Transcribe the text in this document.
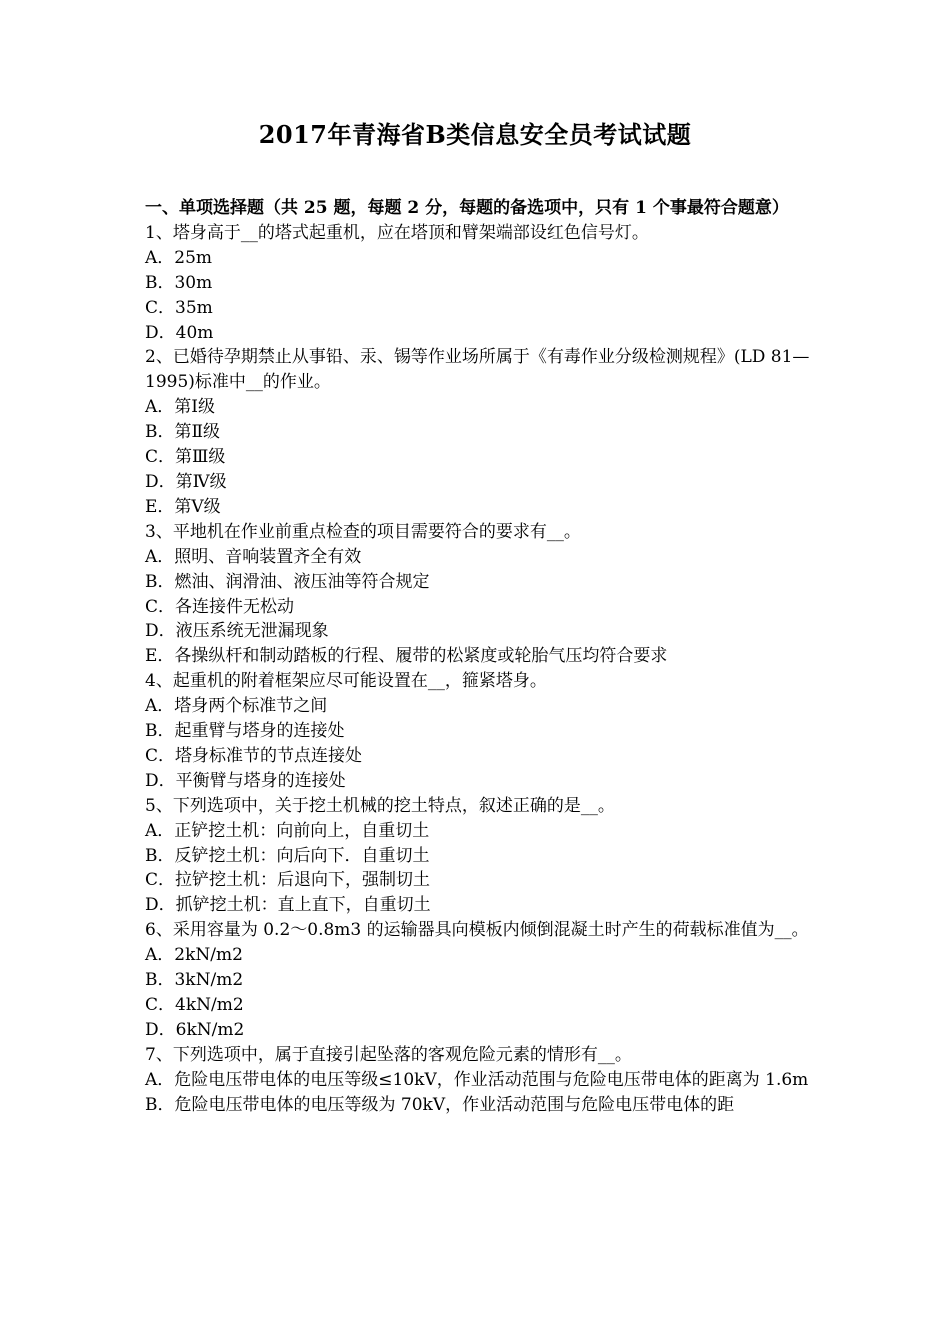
2017年青海省B类信息安全员考试试题
一、单项选择题（共 25 题，每题 2 分，每题的备选项中，只有 1 个事最符合题意）
1、塔身高于__的塔式起重机，应在塔顶和臂架端部设红色信号灯。
A．25m
B．30m
C．35m
D．40m
2、已婚待孕期禁止从事铅、汞、锡等作业场所属于《有毒作业分级检测规程》(LD 81—1995)标准中__的作业。
A．第Ⅰ级
B．第Ⅱ级
C．第Ⅲ级
D．第Ⅳ级
E．第Ⅴ级
3、平地机在作业前重点检查的项目需要符合的要求有__。
A．照明、音响装置齐全有效
B．燃油、润滑油、液压油等符合规定
C．各连接件无松动
D．液压系统无泄漏现象
E．各操纵杆和制动踏板的行程、履带的松紧度或轮胎气压均符合要求
4、起重机的附着框架应尽可能设置在__，箍紧塔身。
A．塔身两个标准节之间
B．起重臂与塔身的连接处
C．塔身标准节的节点连接处
D．平衡臂与塔身的连接处
5、下列选项中，关于挖土机械的挖土特点，叙述正确的是__。
A．正铲挖土机：向前向上，自重切土
B．反铲挖土机：向后向下．自重切土
C．拉铲挖土机：后退向下，强制切土
D．抓铲挖土机：直上直下，自重切土
6、采用容量为 0.2～0.8m3 的运输器具向模板内倾倒混凝土时产生的荷载标准值为__。
A．2kN/m2
B．3kN/m2
C．4kN/m2
D．6kN/m2
7、下列选项中，属于直接引起坠落的客观危险元素的情形有__。
A．危险电压带电体的电压等级≤10kV，作业活动范围与危险电压带电体的距离为 1.6m
B．危险电压带电体的电压等级为 70kV，作业活动范围与危险电压带电体的距
